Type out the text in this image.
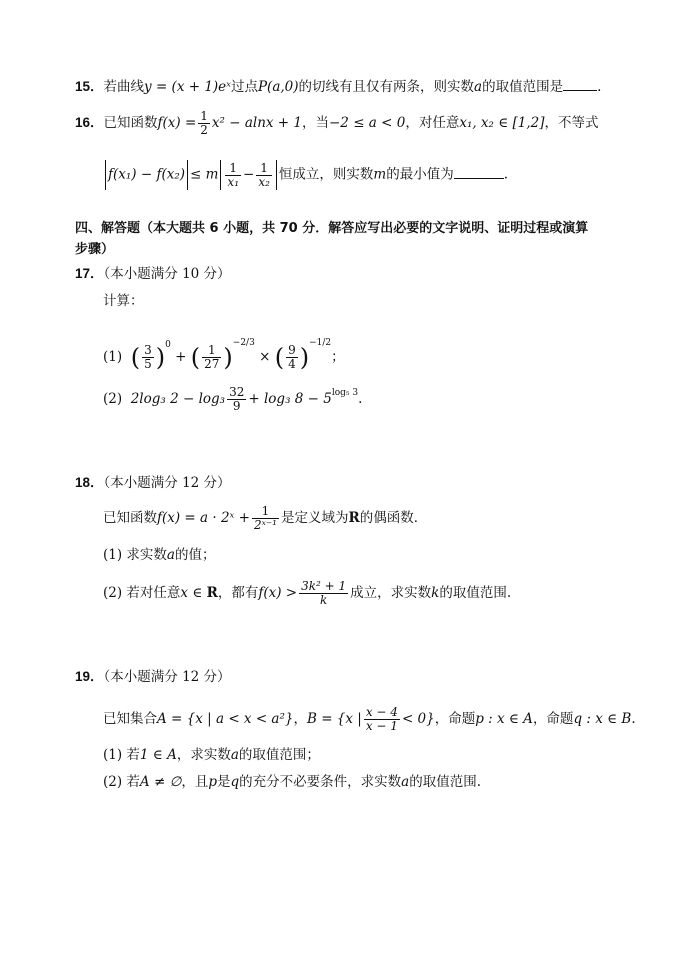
15．若曲线y = (x + 1)eˣ过点P(a,0)的切线有且仅有两条，则实数a的取值范围是	.
16．已知函数$f(x) = \frac{1}{2} x^2 - alnx + 1$，当−2 ≤ a < 0，对任意x₁, x₂ ∈ [1,2]，不等式
f(x₁) − f(x₂) ≤ m $\frac{1}{\text{x₁}} - \frac{1}{\text{x₂}}$ 恒成立，则实数m的最小值为	.
四、解答题（本大题共 6 小题，共 70 分．解答应写出必要的文字说明、证明过程或演算
步骤）
17．（本小题满分 10 分）
计算：
(1) ( $\frac{3}{5} )^0$ + ( $\frac{1}{27} )^{-2/3}$ × ( $\frac{9}{4} )^{-1/2}$；
(2) 2log₃ $2 - \log_3 \frac{32}{9} + \log_3$ $8 - 5^{log_5 3}$.
18．（本小题满分 12 分）
已知函数f(x) = a · 2ˣ + $\frac{1}{\text{2ˣ⁻¹}}$ 是定义域为R的偶函数．
(1) 求实数a的值；
(2) 若对任意x ∈ R，都有$f(x) > \frac{\text{3k² + 1}}{k}$ 成立，求实数k的取值范围.
19．（本小题满分 12 分）
已知集合A = {x | a < x < a²}，B = {x | $\frac{x - 4}{x - 1} < 0$}，命题p : x ∈ A，命题q : x ∈ B.
(1) 若1 ∈ A，求实数a的取值范围；
(2) 若A ≠ ∅，且p是q的充分不必要条件，求实数a的取值范围.
